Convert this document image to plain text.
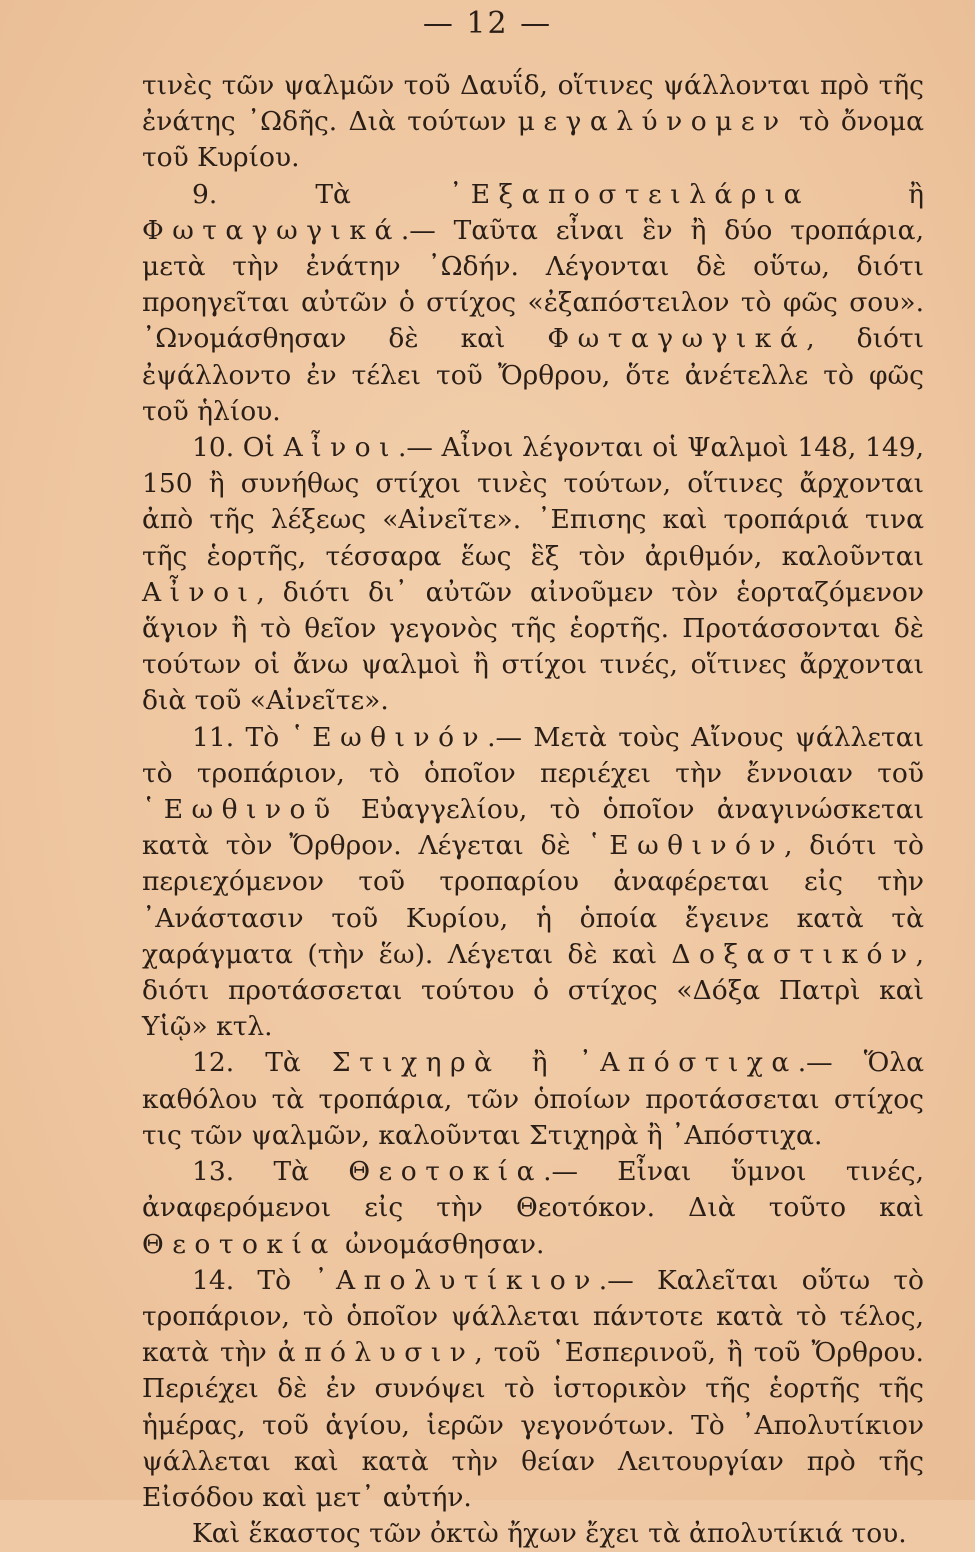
— 12 —

τινὲς τῶν ψαλμῶν τοῦ Δαυΐδ, οἵτινες ψάλλονται πρὸ τῆς ἐνάτης ᾿Ωδῆς. Διὰ τούτων μεγαλύνομεν τὸ ὄνομα τοῦ Κυρίου.

9. Τὰ ᾿Εξαποστειλάρια ἢ Φωταγωγικά.— Ταῦτα εἶναι ἓν ἢ δύο τροπάρια, μετὰ τὴν ἐνάτην ᾿Ωδήν. Λέγονται δὲ οὕτω, διότι προηγεῖται αὐτῶν ὁ στίχος «ἐξαπόστειλον τὸ φῶς σου». ᾿Ωνομάσθησαν δὲ καὶ Φωταγωγικά, διότι ἐψάλλοντο ἐν τέλει τοῦ Ὄρθρου, ὅτε ἀνέτελλε τὸ φῶς τοῦ ἡλίου.

10. Οἱ Αἶνοι.— Αἶνοι λέγονται οἱ Ψαλμοὶ 148, 149, 150 ἢ συνήθως στίχοι τινὲς τούτων, οἵτινες ἄρχονται ἀπὸ τῆς λέξεως «Αἰνεῖτε». ᾿Επισης καὶ τροπάριά τινα τῆς ἑορτῆς, τέσσαρα ἕως ἓξ τὸν ἀριθμόν, καλοῦνται Αἶνοι, διότι δι᾿ αὐτῶν αἰνοῦμεν τὸν ἑορταζόμενον ἅγιον ἢ τὸ θεῖον γεγονὸς τῆς ἑορτῆς. Προτάσσονται δὲ τούτων οἱ ἄνω ψαλμοὶ ἢ στίχοι τινές, οἵτινες ἄρχονται διὰ τοῦ «Αἰνεῖτε».

11. Τὸ ῾Εωθινόν.— Μετὰ τοὺς Αἴνους ψάλλεται τὸ τροπάριον, τὸ ὁποῖον περιέχει τὴν ἔννοιαν τοῦ ῾Εωθινοῦ Εὐαγγελίου, τὸ ὁποῖον ἀναγινώσκεται κατὰ τὸν Ὄρθρον. Λέγεται δὲ ῾Εωθινόν, διότι τὸ περιεχόμενον τοῦ τροπαρίου ἀναφέρεται εἰς τὴν ᾿Ανάστασιν τοῦ Κυρίου, ἡ ὁποία ἔγεινε κατὰ τὰ χαράγματα (τὴν ἕω). Λέγεται δὲ καὶ Δοξαστικόν, διότι προτάσσεται τούτου ὁ στίχος «Δόξα Πατρὶ καὶ Υἱῷ» κτλ.

12. Τὰ Στιχηρὰ ἢ ᾿Απόστιχα.— Ὅλα καθόλου τὰ τροπάρια, τῶν ὁποίων προτάσσεται στίχος τις τῶν ψαλμῶν, καλοῦνται Στιχηρὰ ἢ ᾿Απόστιχα.

13. Τὰ Θεοτοκία.— Εἶναι ὕμνοι τινές, ἀναφερόμενοι εἰς τὴν Θεοτόκον. Διὰ τοῦτο καὶ Θεοτοκία ὠνομάσθησαν.

14. Τὸ ᾿Απολυτίκιον.— Καλεῖται οὕτω τὸ τροπάριον, τὸ ὁποῖον ψάλλεται πάντοτε κατὰ τὸ τέλος, κατὰ τὴν ἀπόλυσιν, τοῦ ῾Εσπερινοῦ, ἢ τοῦ Ὄρθρου. Περιέχει δὲ ἐν συνόψει τὸ ἱστορικὸν τῆς ἑορτῆς τῆς ἡμέρας, τοῦ ἁγίου, ἱερῶν γεγονότων. Τὸ ᾿Απολυτίκιον ψάλλεται καὶ κατὰ τὴν θείαν Λειτουργίαν πρὸ τῆς Εἰσόδου καὶ μετ᾿ αὐτήν.

Καὶ ἕκαστος τῶν ὀκτὼ ἤχων ἔχει τὰ ἀπολυτίκιά του.
